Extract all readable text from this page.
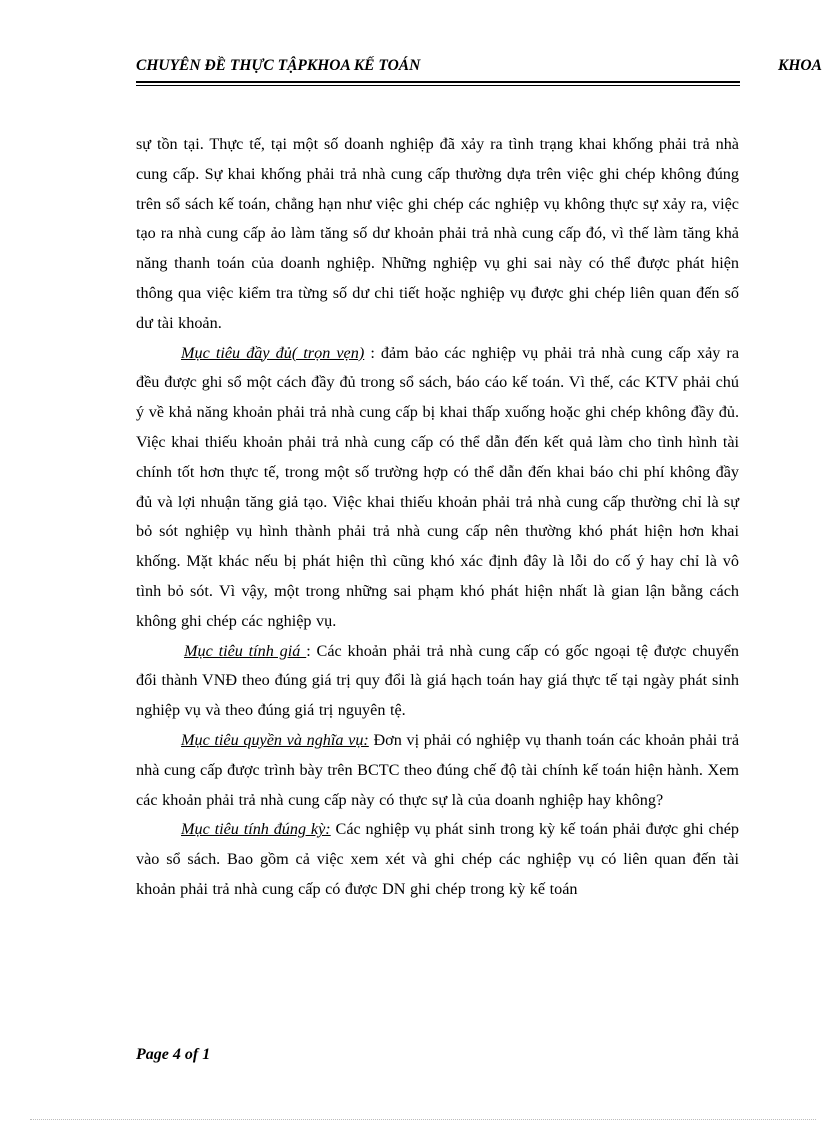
CHUYÊN ĐỀ THỰC TẬPKHOA KẾ TOÁN	KHOA

sự tồn tại. Thực tế, tại một số doanh nghiệp đã xảy ra tình trạng khai khống phải trả nhà cung cấp. Sự khai khống phải trả nhà cung cấp thường dựa trên việc ghi chép không đúng trên sổ sách kế toán, chẳng hạn như việc ghi chép các nghiệp vụ không thực sự xảy ra, việc tạo ra nhà cung cấp ảo làm tăng số dư khoản phải trả nhà cung cấp đó, vì thế làm tăng khả năng thanh toán của doanh nghiệp. Những nghiệp vụ ghi sai này có thể được phát hiện thông qua việc kiểm tra từng số dư chi tiết hoặc nghiệp vụ được ghi chép liên quan đến số dư tài khoản.

Mục tiêu đầy đủ( trọn vẹn) : đảm bảo các nghiệp vụ phải trả nhà cung cấp xảy ra đều được ghi sổ một cách đầy đủ trong sổ sách, báo cáo kế toán. Vì thế, các KTV phải chú ý về khả năng khoản phải trả nhà cung cấp bị khai thấp xuống hoặc ghi chép không đầy đủ. Việc khai thiếu khoản phải trả nhà cung cấp có thể dẫn đến kết quả làm cho tình hình tài chính tốt hơn thực tế, trong một số trường hợp có thể dẫn đến khai báo chi phí không đầy đủ và lợi nhuận tăng giả tạo. Việc khai thiếu khoản phải trả nhà cung cấp thường chỉ là sự bỏ sót nghiệp vụ hình thành phải trả nhà cung cấp nên thường khó phát hiện hơn khai khống. Mặt khác nếu bị phát hiện thì cũng khó xác định đây là lỗi do cố ý hay chỉ là vô tình bỏ sót. Vì vậy, một trong những sai phạm khó phát hiện nhất là gian lận bằng cách không ghi chép các nghiệp vụ.

Mục tiêu tính giá : Các khoản phải trả nhà cung cấp có gốc ngoại tệ được chuyển đổi thành VNĐ theo đúng giá trị quy đổi là giá hạch toán hay giá thực tế tại ngày phát sinh nghiệp vụ và theo đúng giá trị nguyên tệ.

Mục tiêu quyền và nghĩa vụ: Đơn vị phải có nghiệp vụ thanh toán các khoản phải trả nhà cung cấp được trình bày trên BCTC theo đúng chế độ tài chính kế toán hiện hành. Xem các khoản phải trả nhà cung cấp này có thực sự là của doanh nghiệp hay không?

Mục tiêu tính đúng kỳ: Các nghiệp vụ phát sinh trong kỳ kế toán phải được ghi chép vào sổ sách. Bao gồm cả việc xem xét và ghi chép các nghiệp vụ có liên quan đến tài khoản phải trả nhà cung cấp có được DN ghi chép trong kỳ kế toán

Page 4 of 1
